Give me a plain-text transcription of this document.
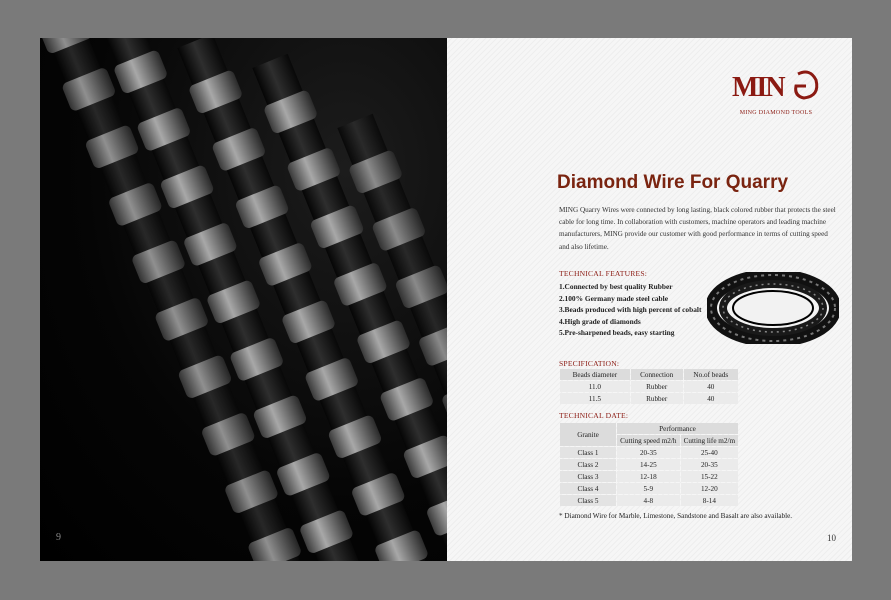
9
MIN
MING DIAMOND TOOLS
Diamond Wire For Quarry
MING Quarry Wires were connected by long lasting, black colored rubber that protects the steel cable for long time. In collaboration with customers, machine operators and leading machine manufacturers, MING provide our customer with good performance in terms of cutting speed and also lifetime.
TECHNICAL FEATURES:
1.Connected by best quality Rubber
2.100% Germany made steel cable
3.Beads produced with high percent of cobalt
4.High grade of diamonds
5.Pre-sharpened beads, easy starting
SPECIFICATION:
Beads diameter	Connection	No.of beads
11.0	Rubber	40
11.5	Rubber	40
TECHNICAL DATE:
Granite	Performance	
	Cutting speed m2/h	Cutting life m2/m
Class 1	20-35	25-40
Class 2	14-25	20-35
Class 3	12-18	15-22
Class 4	5-9	12-20
Class 5	4-8	8-14
* Diamond Wire for Marble, Limestone, Sandstone and Basalt are also available.
10
